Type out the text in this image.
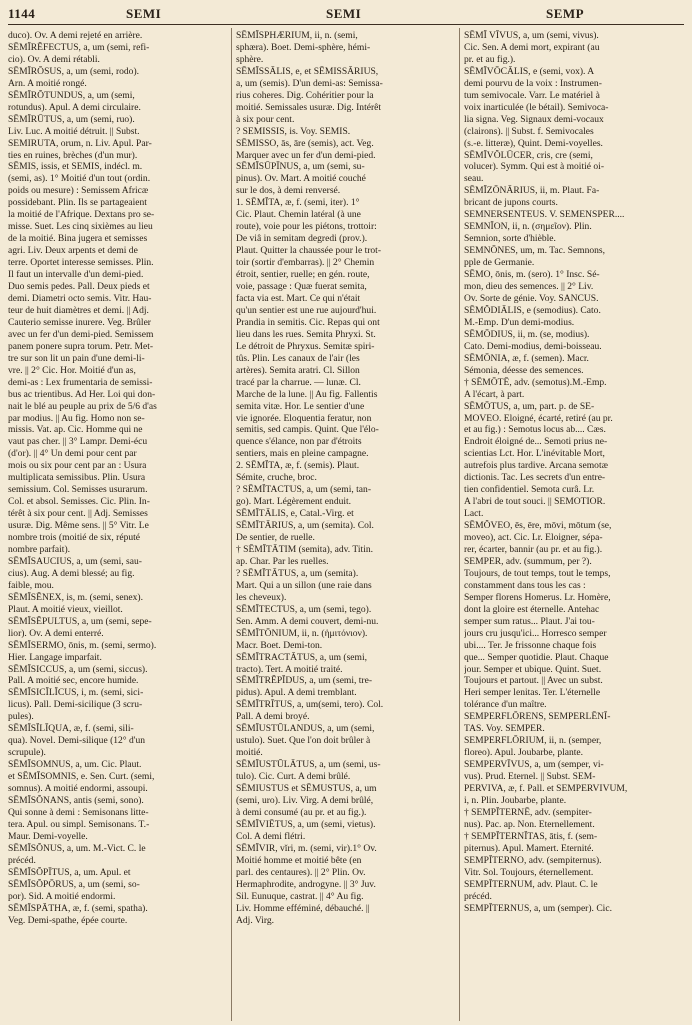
1144	SEMI	SEMI	SEMP
duco). Ov. A demi rejeté en arrière.
SĒMĬRĔFECTUS, a, um (semi, refi-
cio). Ov. A demi rétabli.
SĒMĬRŌSUS, a, um (semi, rodo).
Arn. A moitié rongé.
SĒMĬRŎTUNDUS, a, um (semi,
rotundus). Apul. A demi circulaire.
SĒMĬRŪTUS, a, um (semi, ruo).
Liv. Luc. A moitié détruit. || Subst.
SEMIRUTA, orum, n. Liv. Apul. Par-
ties en ruines, brèches (d'un mur).
SĒMIS, issis, et SEMIS, indécl. m.
(semi, as). 1° Moitié d'un tout (ordin.
poids ou mesure) : Semissem Africæ
possidebant. Plin. Ils se partageaient
la moitié de l'Afrique. Dextans pro se-
misse. Suet. Les cinq sixièmes au lieu
de la moitié. Bina jugera et semisses
agri. Liv. Deux arpents et demi de
terre. Oportet interesse semisses. Plin.
Il faut un intervalle d'un demi-pied.
Duo semis pedes. Pall. Deux pieds et
demi. Diametri octo semis. Vitr. Hau-
teur de huit diamètres et demi. || Adj.
Cauterio semisse inurere. Veg. Brûler
avec un fer d'un demi-pied. Semissem
panem ponere supra torum. Petr. Met-
tre sur son lit un pain d'une demi-li-
vre. || 2° Cic. Hor. Moitié d'un as,
demi-as : Lex frumentaria de semissi-
bus ac trientibus. Ad Her. Loi qui don-
nait le blé au peuple au prix de 5/6 d'as
par modius. || Au fig. Homo non se-
missis. Vat. ap. Cic. Homme qui ne
vaut pas cher. || 3° Lampr. Demi-écu
(d'or). || 4° Un demi pour cent par
mois ou six pour cent par an : Usura
multiplicata semissibus. Plin. Usura
semissium. Col. Semisses usurarum.
Col. et absol. Semisses. Cic. Plin. In-
térêt à six pour cent. || Adj. Semisses
usuræ. Dig. Même sens. || 5° Vitr. Le
nombre trois (moitié de six, réputé
nombre parfait).
SĒMĬSAUCIUS, a, um (semi, sau-
cius). Aug. A demi blessé; au fig.
faible, mou.
SĒMĬSĔNEX, is, m. (semi, senex).
Plaut. A moitié vieux, vieillot.
SĒMĬSĔPULTUS, a, um (semi, sepe-
lior). Ov. A demi enterré.
SĒMĬSERMO, ōnis, m. (semi, sermo).
Hier. Langage imparfait.
SĒMĬSICCUS, a, um (semi, siccus).
Pall. A moitié sec, encore humide.
SĒMĬSICĬLĬCUS, i, m. (semi, sici-
licus). Pall. Demi-sicilique (3 scru-
pules).
SĒMĬSĬLĪQUA, æ, f. (semi, sili-
qua). Novel. Demi-silique (12° d'un
scrupule).
SĒMĬSOMNUS, a, um. Cic. Plaut.
et SĒMĬSOMNIS, e. Sen. Curt. (semi,
somnus). A moitié endormi, assoupi.
SĒMĬSŎNANS, antis (semi, sono).
Qui sonne à demi : Semisonans litte-
tera. Apul. ou simpl. Semisonans. T.-
Maur. Demi-voyelle.
SĒMĬSŎNUS, a, um. M.-Vict. C. le
précéd.
SĒMĬSŎPĪTUS, a, um. Apul. et
SĒMĬSŎPŌRUS, a, um (semi, so-
por). Sid. A moitié endormi.
SĒMĬSPĂTHA, æ, f. (semi, spatha).
Veg. Demi-spathe, épée courte.
SĒMĬSPHÆRIUM, ii, n. (semi,
sphæra). Boet. Demi-sphère, hémi-
sphère.
SĒMĬSSĀLIS, e, et SĒMISSĀRIUS,
a, um (semis). D'un demi-as: Semissa-
rius coheres. Dig. Cohéritier pour la
moitié. Semissales usuræ. Dig. Intérêt
à six pour cent.
? SEMISSIS, is. Voy. SEMIS.
SĒMISSO, ās, āre (semis), act. Veg.
Marquer avec un fer d'un demi-pied.
SĒMĬSŪPĪNUS, a, um (semi, su-
pinus). Ov. Mart. A moitié couché
sur le dos, à demi renversé.
1. SĒMĬTA, æ, f. (semi, iter). 1°
Cic. Plaut. Chemin latéral (à une
route), voie pour les piétons, trottoir:
De viâ in semitam degredi (prov.).
Plaut. Quitter la chaussée pour le trot-
toir (sortir d'embarras). || 2° Chemin
étroit, sentier, ruelle; en gén. route,
voie, passage : Quæ fuerat semita,
facta via est. Mart. Ce qui n'était
qu'un sentier est une rue aujourd'hui.
Prandia in semitis. Cic. Repas qui ont
lieu dans les rues. Semita Phryxi. St.
Le détroit de Phryxus. Semitæ spiri-
tûs. Plin. Les canaux de l'air (les
artères). Semita aratri. Cl. Sillon
tracé par la charrue. — lunæ. Cl.
Marche de la lune. || Au fig. Fallentis
semita vitæ. Hor. Le sentier d'une
vie ignorée. Eloquentia feratur, non
semitis, sed campis. Quint. Que l'élo-
quence s'élance, non par d'étroits
sentiers, mais en pleine campagne.
2. SĒMĬTA, æ, f. (semis). Plaut.
Sémite, cruche, broc.
? SĒMĬTACTUS, a, um (semi, tan-
go). Mart. Légèrement enduit.
SĒMĬTĀLIS, e, Catal.-Virg. et
SĒMĬTĀRIUS, a, um (semita). Col.
De sentier, de ruelle.
† SĒMĬTĀTIM (semita), adv. Titin.
ap. Char. Par les ruelles.
? SĒMĬTĀTUS, a, um (semita).
Mart. Qui a un sillon (une raie dans
les cheveux).
SĒMĬTECTUS, a, um (semi, tego).
Sen. Amm. A demi couvert, demi-nu.
SĒMĬTŌNIUM, ii, n. (ἡμιτόνιον).
Macr. Boet. Demi-ton.
SĒMĬTRACTĀTUS, a, um (semi,
tracto). Tert. A moitié traité.
SĒMĬTRĔPĬDUS, a, um (semi, tre-
pidus). Apul. A demi tremblant.
SĒMĬTRĪTUS, a, um(semi, tero). Col.
Pall. A demi broyé.
SĒMĬUSTŬLANDUS, a, um (semi,
ustulo). Suet. Que l'on doit brûler à
moitié.
SĒMĬUSTŬLĀTUS, a, um (semi, us-
tulo). Cic. Curt. A demi brûlé.
SĒMIUSTUS et SĒMUSTUS, a, um
(semi, uro). Liv. Virg. A demi brûlé,
à demi consumé (au pr. et au fig.).
SĒMĬVIĒTUS, a, um (semi, vietus).
Col. A demi flétri.
SĒMĬVIR, vĭri, m. (semi, vir).1° Ov.
Moitié homme et moitié bête (en
parl. des centaures). || 2° Plin. Ov.
Hermaphrodite, androgyne. || 3° Juv.
Sil. Eunuque, castrat. || 4° Au fig.
Liv. Homme efféminé, débauché. ||
Adj. Virg.
SĒMĬ VĪVUS, a, um (semi, vivus).
Cic. Sen. A demi mort, expirant (au
pr. et au fig.).
SĒMĬVŌCĀLIS, e (semi, vox). A
demi pourvu de la voix : Instrumen-
tum semivocale. Varr. Le matériel à
voix inarticulée (le bétail). Semivoca-
lia signa. Veg. Signaux demi-vocaux
(clairons). || Subst. f. Semivocales
(s.-e. litteræ), Quint. Demi-voyelles.
SĒMĬVŎLŪCER, cris, cre (semi,
volucer). Symm. Qui est à moitié oi-
seau.
SĒMĬZŌNĀRIUS, ii, m. Plaut. Fa-
bricant de jupons courts.
SEMNERSENTEUS. V. SEMENSPER....
SEMNĬON, ii, n. (σημεῖον). Plin.
Semnion, sorte d'hièble.
SEMNŌNES, um, m. Tac. Semnons,
pple de Germanie.
SĒMO, ōnis, m. (sero). 1° Insc. Sé-
mon, dieu des semences. || 2° Liv.
Ov. Sorte de génie. Voy. SANCUS.
SĒMŎDIĀLIS, e (semodius). Cato.
M.-Emp. D'un demi-modius.
SĒMŌDIUS, ii, m. (se, modius).
Cato. Demi-modius, demi-boisseau.
SĒMŌNIA, æ, f. (semen). Macr.
Sémonia, déesse des semences.
† SĒMŌTĒ, adv. (semotus).M.-Emp.
A l'écart, à part.
SĒMŌTUS, a, um, part. p. de SE-
MOVEO. Eloigné, écarté, retiré (au pr.
et au fig.) : Semotus locus ab.... Cæs.
Endroit éloigné de... Semoti prius ne-
scientias Lct. Hor. L'inévitable Mort,
autrefois plus tardive. Arcana semotæ
dictionis. Tac. Les secrets d'un entre-
tien confidentiel. Semota curâ. Lr.
A l'abri de tout souci. || SEMOTIOR.
Lact.
SĒMŎVEO, ēs, ēre, mōvi, mōtum (se,
moveo), act. Cic. Lr. Eloigner, sépa-
rer, écarter, bannir (au pr. et au fig.).
SEMPER, adv. (summum, per ?).
Toujours, de tout temps, tout le temps,
constamment dans tous les cas :
Semper florens Homerus. Lr. Homère,
dont la gloire est éternelle. Antehac
semper sum ratus... Plaut. J'ai tou-
jours cru jusqu'ici... Horresco semper
ubi.... Ter. Je frissonne chaque fois
que... Semper quotidie. Plaut. Chaque
jour. Semper et ubique. Quint. Suet.
Toujours et partout. || Avec un subst.
Heri semper lenitas. Ter. L'éternelle
tolérance d'un maître.
SEMPERFLŌRENS, SEMPERLĒNĪ-
TAS. Voy. SEMPER.
SEMPERFLŌRIUM, ii, n. (semper,
floreo). Apul. Joubarbe, plante.
SEMPERVĪVUS, a, um (semper, vi-
vus). Prud. Eternel. || Subst. SEM-
PERVIVA, æ, f. Pall. et SEMPERVIVUM,
i, n. Plin. Joubarbe, plante.
† SEMPĬTERNĒ, adv. (sempiter-
nus). Pac. ap. Non. Eternellement.
† SEMPĬTERNĬTAS, ātis, f. (sem-
piternus). Apul. Mamert. Eternité.
SEMPĬTERNO, adv. (sempiternus).
Vitr. Sol. Toujours, éternellement.
SEMPĬTERNUM, adv. Plaut. C. le
précéd.
SEMPĬTERNUS, a, um (semper). Cic.
